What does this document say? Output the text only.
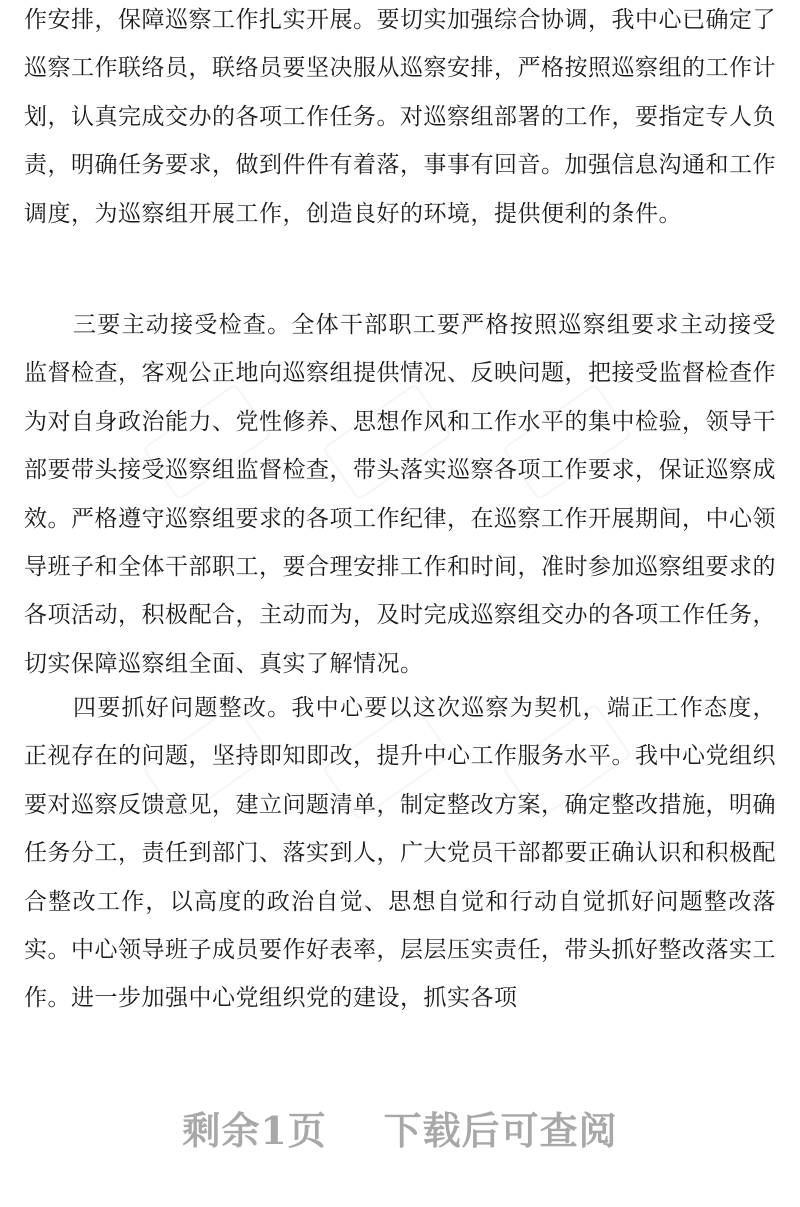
作安排，保障巡察工作扎实开展。要切实加强综合协调，我中心已确定了巡察工作联络员，联络员要坚决服从巡察安排，严格按照巡察组的工作计划，认真完成交办的各项工作任务。对巡察组部署的工作，要指定专人负责，明确任务要求，做到件件有着落，事事有回音。加强信息沟通和工作调度，为巡察组开展工作，创造良好的环境，提供便利的条件。

三要主动接受检查。全体干部职工要严格按照巡察组要求主动接受监督检查，客观公正地向巡察组提供情况、反映问题，把接受监督检查作为对自身政治能力、党性修养、思想作风和工作水平的集中检验，领导干部要带头接受巡察组监督检查，带头落实巡察各项工作要求，保证巡察成效。严格遵守巡察组要求的各项工作纪律，在巡察工作开展期间，中心领导班子和全体干部职工，要合理安排工作和时间，准时参加巡察组要求的各项活动，积极配合，主动而为，及时完成巡察组交办的各项工作任务，切实保障巡察组全面、真实了解情况。

四要抓好问题整改。我中心要以这次巡察为契机，端正工作态度，正视存在的问题，坚持即知即改，提升中心工作服务水平。我中心党组织要对巡察反馈意见，建立问题清单，制定整改方案，确定整改措施，明确任务分工，责任到部门、落实到人，广大党员干部都要正确认识和积极配合整改工作，以高度的政治自觉、思想自觉和行动自觉抓好问题整改落实。中心领导班子成员要作好表率，层层压实责任，带头抓好整改落实工作。进一步加强中心党组织党的建设，抓实各项

剩余1页    下载后可查阅
